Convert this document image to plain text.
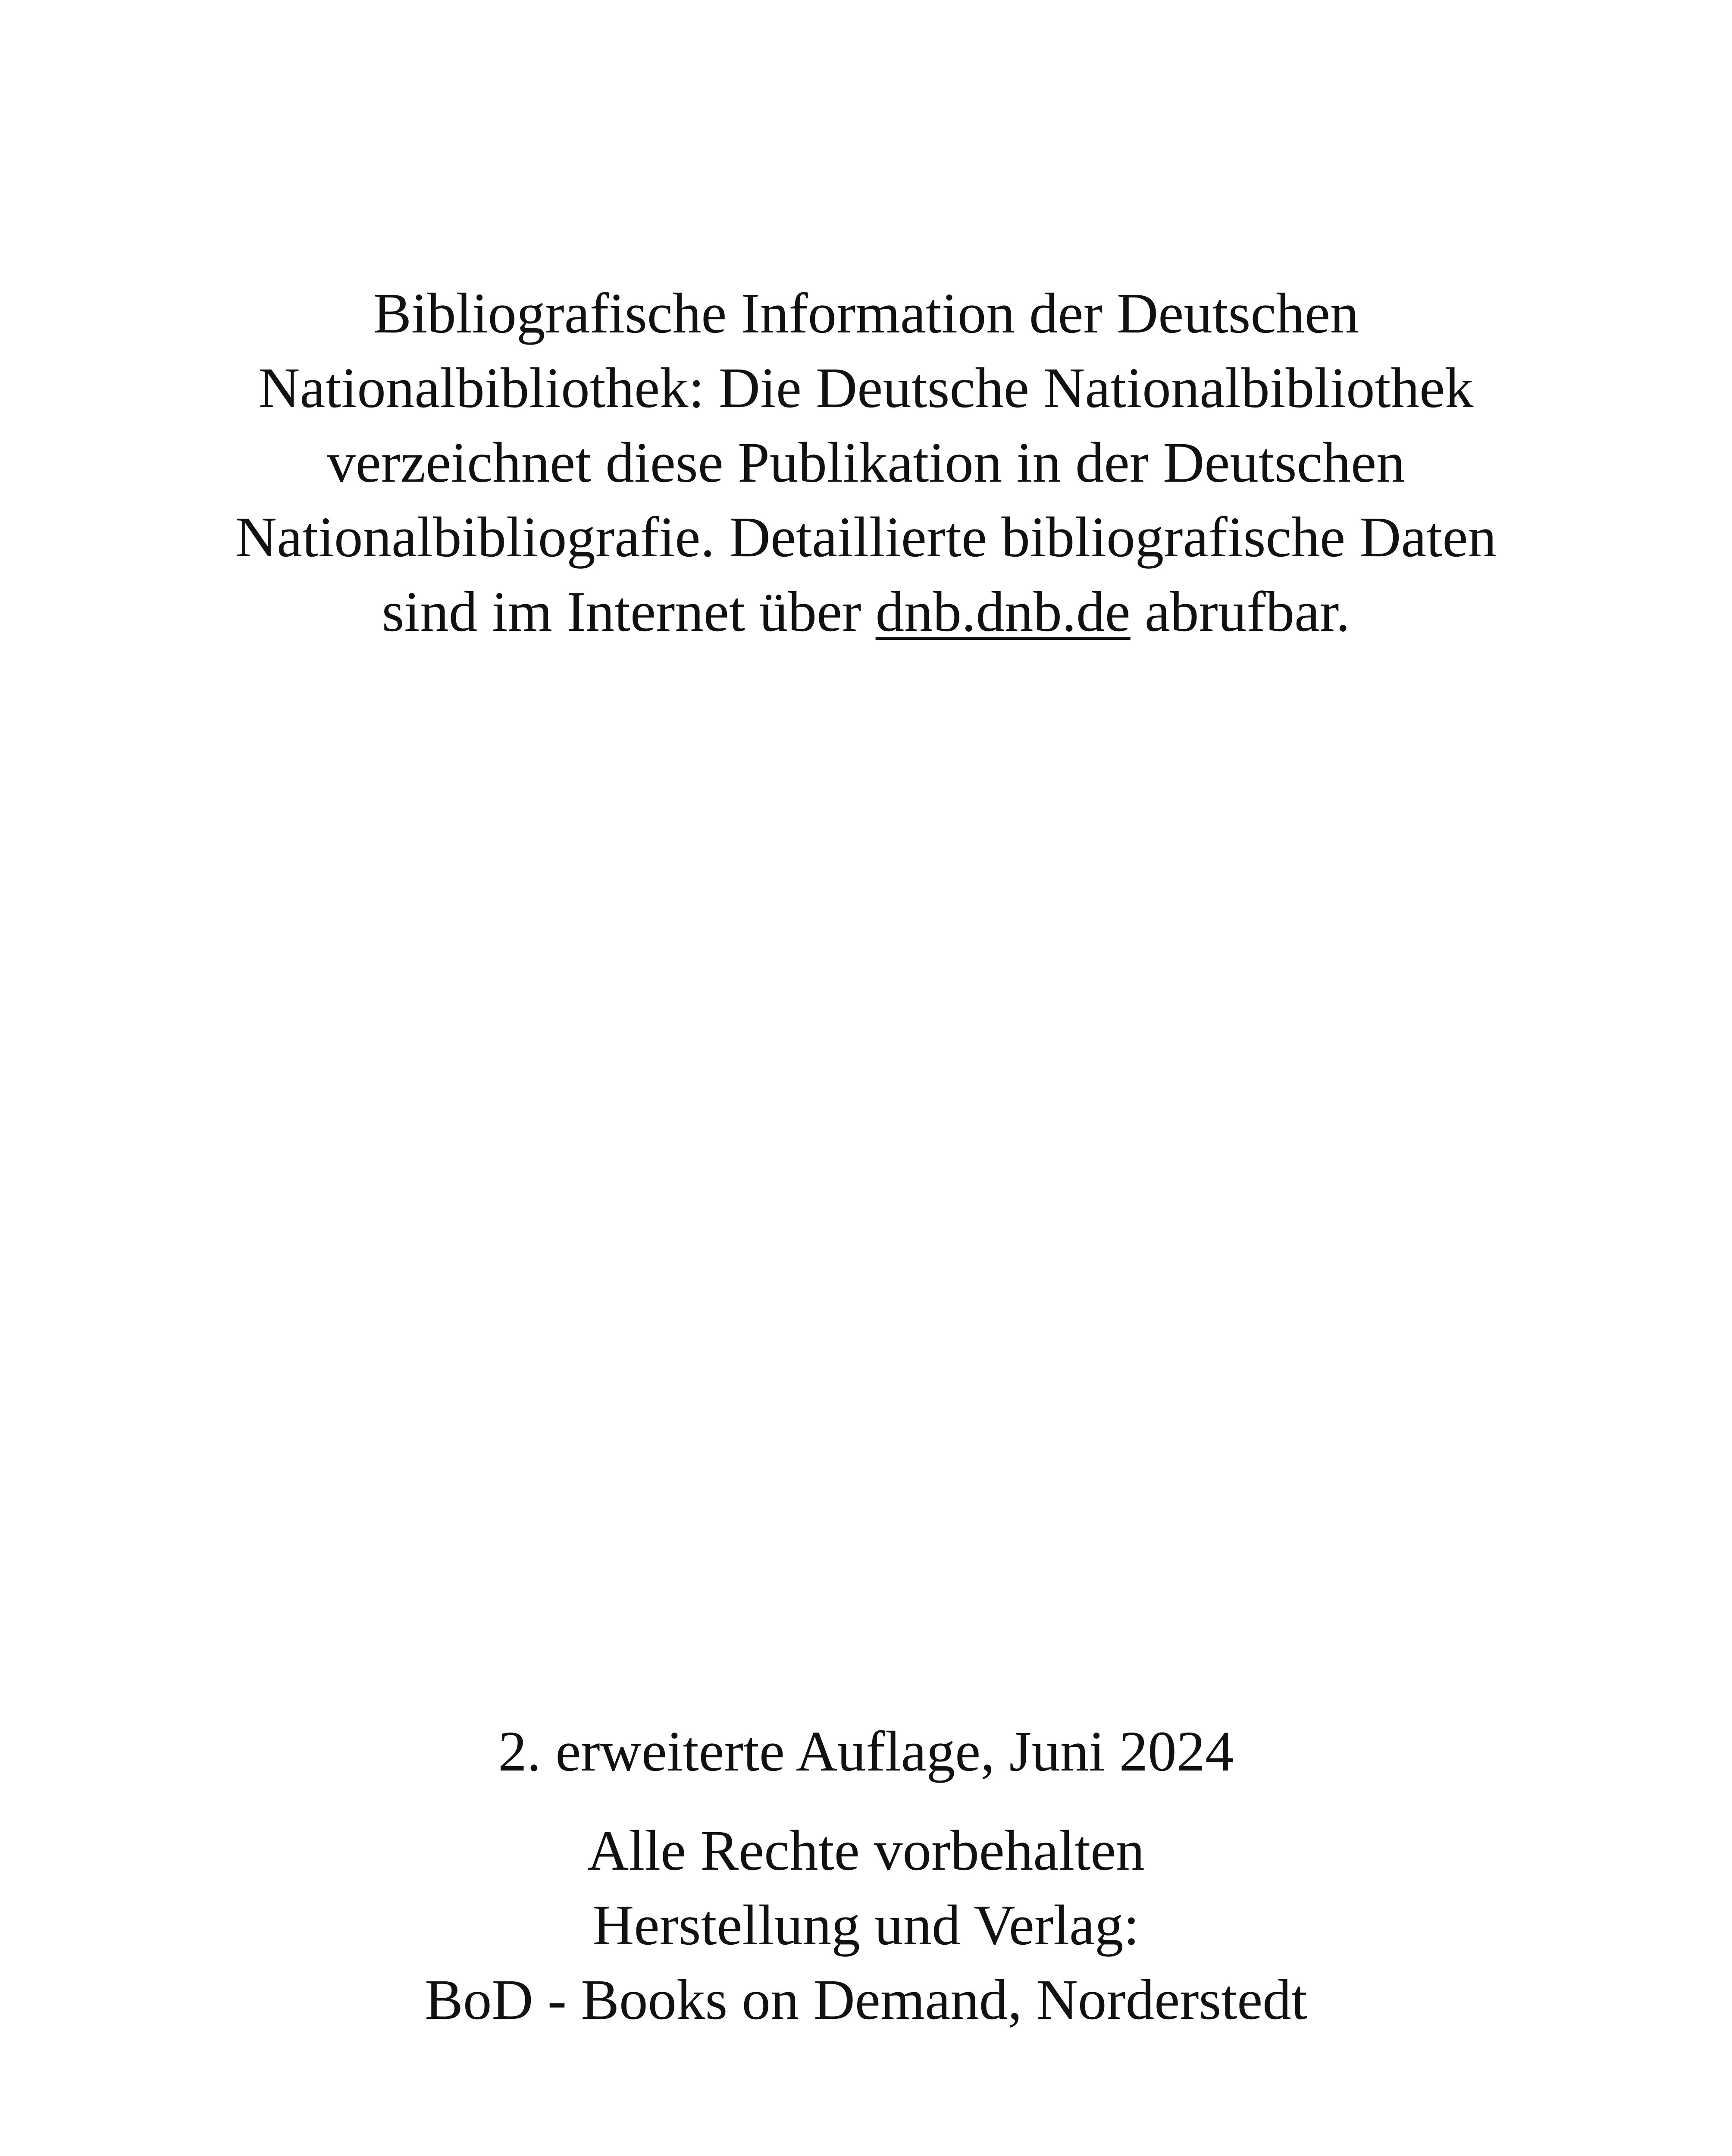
Bibliografische Information der Deutschen
Nationalbibliothek: Die Deutsche Nationalbibliothek
verzeichnet diese Publikation in der Deutschen
Nationalbibliografie. Detaillierte bibliografische Daten
sind im Internet über dnb.dnb.de abrufbar.
2. erweiterte Auflage, Juni 2024
Alle Rechte vorbehalten
Herstellung und Verlag:
BoD - Books on Demand, Norderstedt
